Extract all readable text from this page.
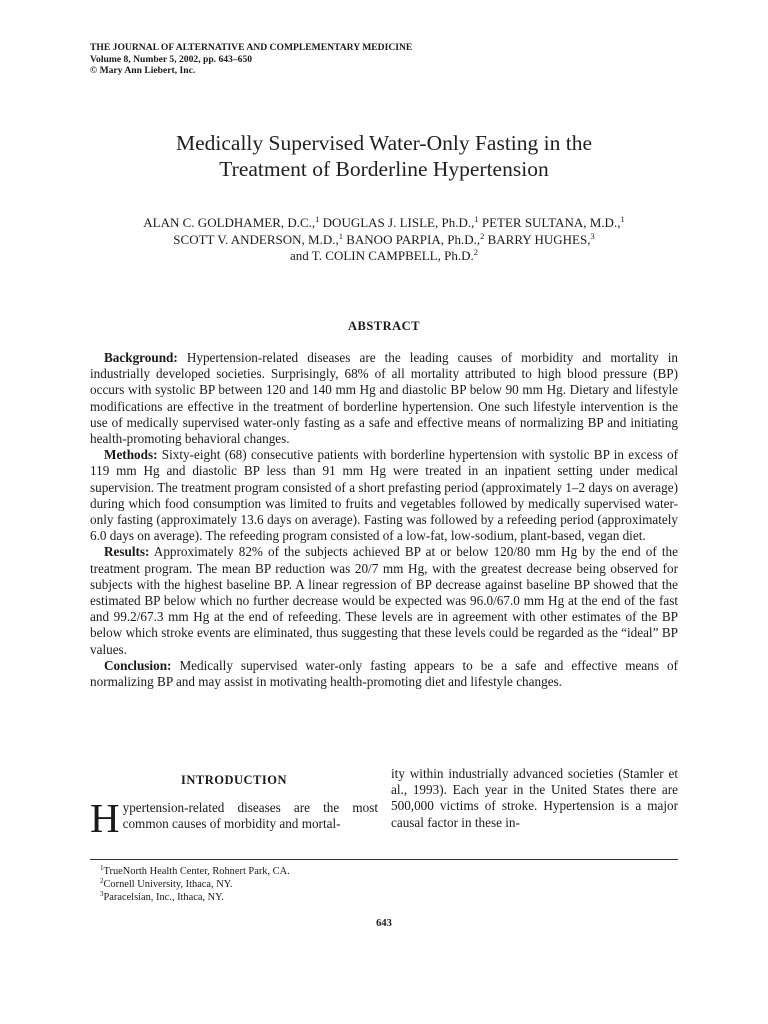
THE JOURNAL OF ALTERNATIVE AND COMPLEMENTARY MEDICINE
Volume 8, Number 5, 2002, pp. 643–650
© Mary Ann Liebert, Inc.
Medically Supervised Water-Only Fasting in the
Treatment of Borderline Hypertension
ALAN C. GOLDHAMER, D.C.,$^1$ DOUGLAS J. LISLE, Ph.D.,$^1$ PETER SULTANA, M.D.,$^1$
SCOTT V. ANDERSON, M.D.,$^1$ BANOO PARPIA, Ph.D.,$^2$ BARRY HUGHES,$^3$
and T. COLIN CAMPBELL, Ph.D.$^2$
ABSTRACT

Background: Hypertension-related diseases are the leading causes of morbidity and mortality in industrially developed societies. Surprisingly, 68% of all mortality attributed to high blood pressure (BP) occurs with systolic BP between 120 and 140 mm Hg and diastolic BP below 90 mm Hg. Dietary and lifestyle modifications are effective in the treatment of borderline hypertension. One such lifestyle intervention is the use of medically supervised water-only fasting as a safe and effective means of normalizing BP and initiating health-promoting behavioral changes.

Methods: Sixty-eight (68) consecutive patients with borderline hypertension with systolic BP in excess of 119 mm Hg and diastolic BP less than 91 mm Hg were treated in an inpatient setting under medical supervision. The treatment program consisted of a short prefasting period (approximately 1–2 days on average) during which food consumption was limited to fruits and vegetables followed by medically supervised water-only fasting (approximately 13.6 days on average). Fasting was followed by a refeeding period (approximately 6.0 days on average). The refeeding program consisted of a low-fat, low-sodium, plant-based, vegan diet.

Results: Approximately 82% of the subjects achieved BP at or below 120/80 mm Hg by the end of the treatment program. The mean BP reduction was 20/7 mm Hg, with the greatest decrease being observed for subjects with the highest baseline BP. A linear regression of BP decrease against baseline BP showed that the estimated BP below which no further decrease would be expected was 96.0/67.0 mm Hg at the end of the fast and 99.2/67.3 mm Hg at the end of refeeding. These levels are in agreement with other estimates of the BP below which stroke events are eliminated, thus suggesting that these levels could be regarded as the “ideal” BP values.

Conclusion: Medically supervised water-only fasting appears to be a safe and effective means of normalizing BP and may assist in motivating health-promoting diet and lifestyle changes.

INTRODUCTION
Hypertension-related diseases are the most common causes of morbidity and mortal-
ity within industrially advanced societies (Stamler et al., 1993). Each year in the United States there are 500,000 victims of stroke. Hypertension is a major causal factor in these in-
$^1$TrueNorth Health Center, Rohnert Park, CA.
$^2$Cornell University, Ithaca, NY.
$^3$Paracelsian, Inc., Ithaca, NY.
643
